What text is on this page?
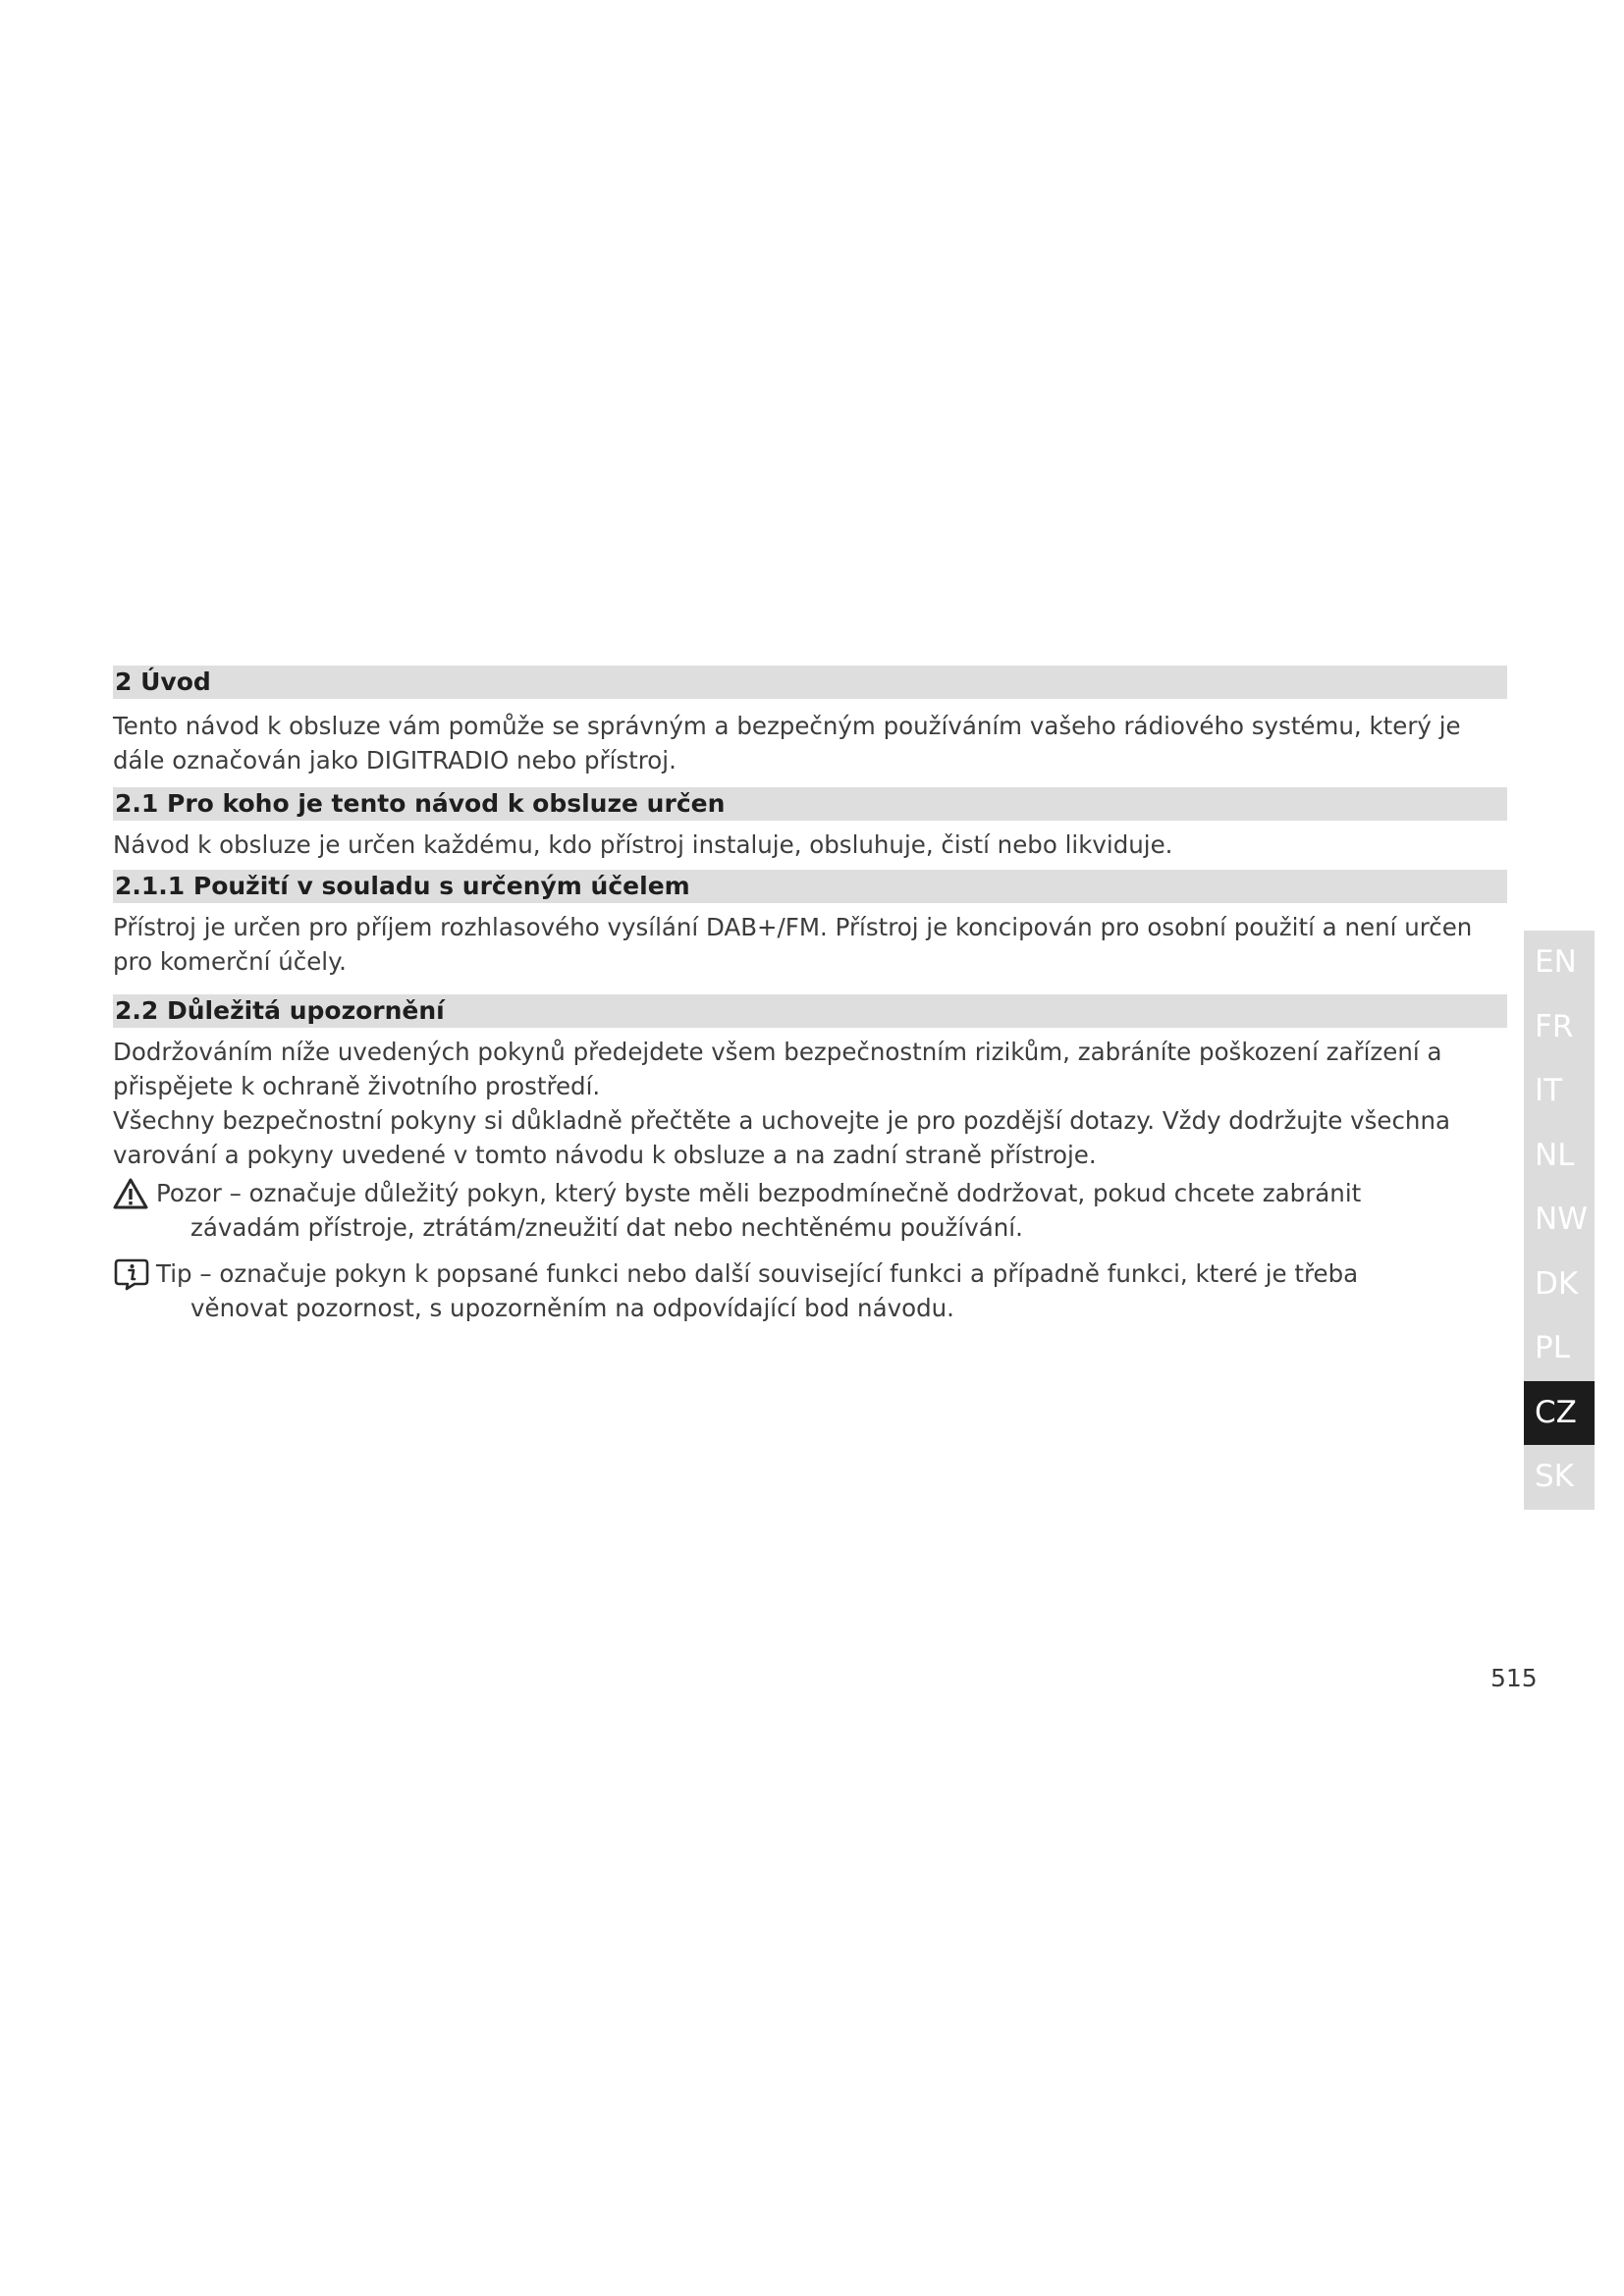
2 Úvod

Tento návod k obsluze vám pomůže se správným a bezpečným používáním vašeho rádiového systému, který je dále označován jako DIGITRADIO nebo přístroj.

2.1 Pro koho je tento návod k obsluze určen

Návod k obsluze je určen každému, kdo přístroj instaluje, obsluhuje, čistí nebo likviduje.

2.1.1 Použití v souladu s určeným účelem

Přístroj je určen pro příjem rozhlasového vysílání DAB+/FM. Přístroj je koncipován pro osobní použití a není určen pro komerční účely.

2.2 Důležitá upozornění

Dodržováním níže uvedených pokynů předejdete všem bezpečnostním rizikům, zabráníte poškození zařízení a přispějete k ochraně životního prostředí.

Všechny bezpečnostní pokyny si důkladně přečtěte a uchovejte je pro pozdější dotazy. Vždy dodržujte všechna varování a pokyny uvedené v tomto návodu k obsluze a na zadní straně přístroje.

Pozor – označuje důležitý pokyn, který byste měli bezpodmínečně dodržovat, pokud chcete zabránit závadám přístroje, ztrátám/zneužití dat nebo nechtěnému používání.
Tip – označuje pokyn k popsané funkci nebo další související funkci a případně funkci, které je třeba věnovat pozornost, s upozorněním na odpovídající bod návodu.
EN
FR
IT
NL
NW
DK
PL
CZ
SK
515
